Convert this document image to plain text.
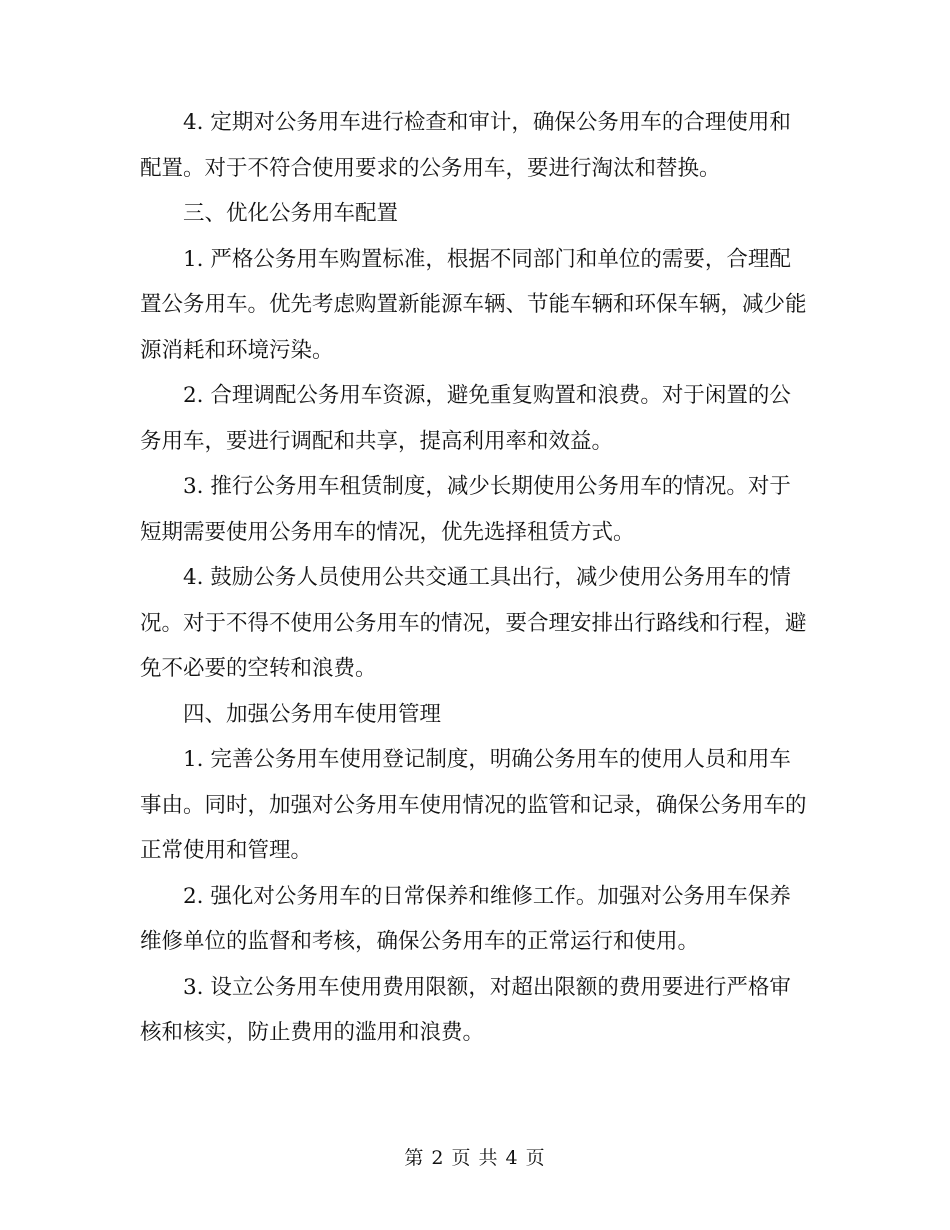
4. 定期对公务用车进行检查和审计，确保公务用车的合理使用和配置。对于不符合使用要求的公务用车，要进行淘汰和替换。

三、优化公务用车配置

1. 严格公务用车购置标准，根据不同部门和单位的需要，合理配置公务用车。优先考虑购置新能源车辆、节能车辆和环保车辆，减少能源消耗和环境污染。

2. 合理调配公务用车资源，避免重复购置和浪费。对于闲置的公务用车，要进行调配和共享，提高利用率和效益。

3. 推行公务用车租赁制度，减少长期使用公务用车的情况。对于短期需要使用公务用车的情况，优先选择租赁方式。

4. 鼓励公务人员使用公共交通工具出行，减少使用公务用车的情况。对于不得不使用公务用车的情况，要合理安排出行路线和行程，避免不必要的空转和浪费。

四、加强公务用车使用管理

1. 完善公务用车使用登记制度，明确公务用车的使用人员和用车事由。同时，加强对公务用车使用情况的监管和记录，确保公务用车的正常使用和管理。

2. 强化对公务用车的日常保养和维修工作。加强对公务用车保养维修单位的监督和考核，确保公务用车的正常运行和使用。

3. 设立公务用车使用费用限额，对超出限额的费用要进行严格审核和核实，防止费用的滥用和浪费。

第 2 页 共 4 页
